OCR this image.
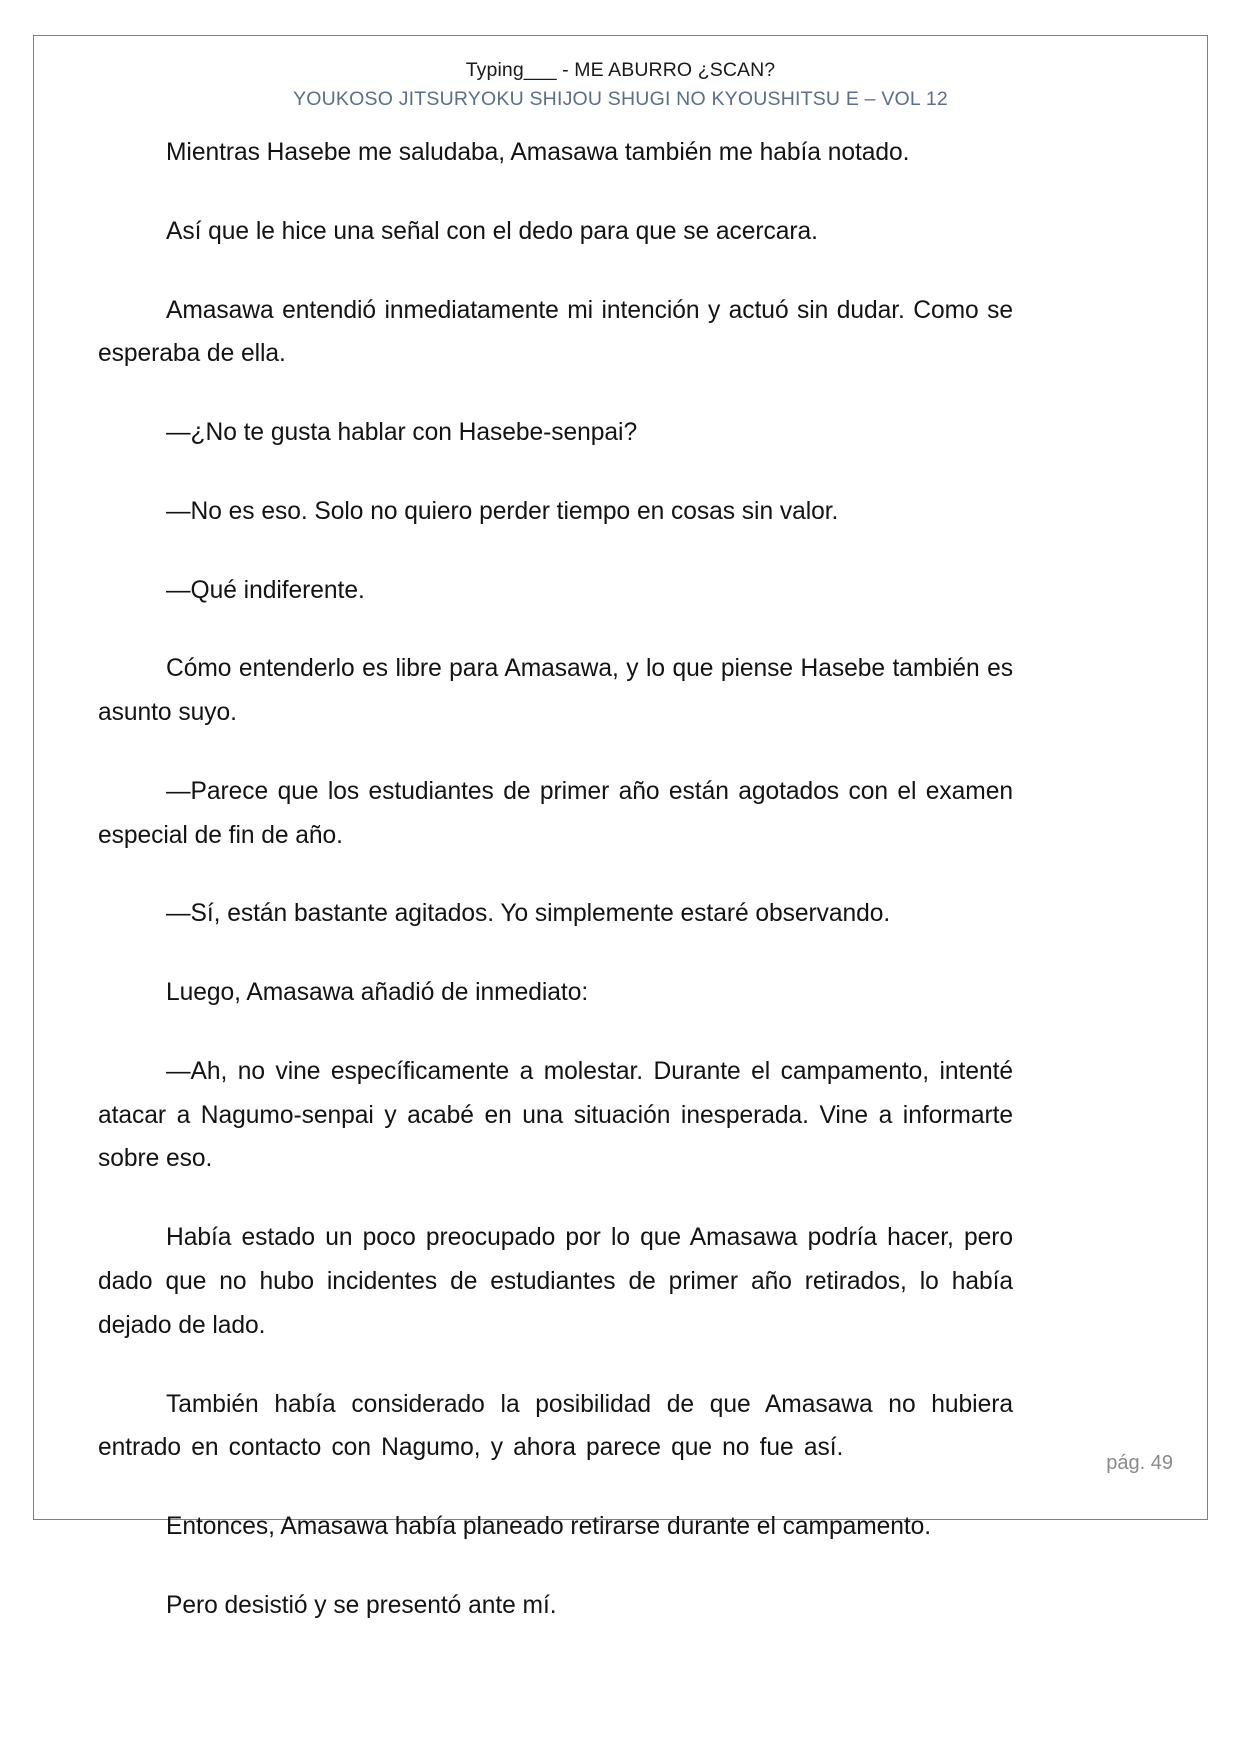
Typing___ - ME ABURRO ¿SCAN?
YOUKOSO JITSURYOKU SHIJOU SHUGI NO KYOUSHITSU E – VOL 12

Mientras Hasebe me saludaba, Amasawa también me había notado.

Así que le hice una señal con el dedo para que se acercara.

Amasawa entendió inmediatamente mi intención y actuó sin dudar. Como se esperaba de ella.

—¿No te gusta hablar con Hasebe-senpai?

—No es eso. Solo no quiero perder tiempo en cosas sin valor.

—Qué indiferente.

Cómo entenderlo es libre para Amasawa, y lo que piense Hasebe también es asunto suyo.

—Parece que los estudiantes de primer año están agotados con el examen especial de fin de año.

—Sí, están bastante agitados. Yo simplemente estaré observando.

Luego, Amasawa añadió de inmediato:

—Ah, no vine específicamente a molestar. Durante el campamento, intenté atacar a Nagumo-senpai y acabé en una situación inesperada. Vine a informarte sobre eso.

Había estado un poco preocupado por lo que Amasawa podría hacer, pero dado que no hubo incidentes de estudiantes de primer año retirados, lo había dejado de lado.

También había considerado la posibilidad de que Amasawa no hubiera entrado en contacto con Nagumo, y ahora parece que no fue así.

Entonces, Amasawa había planeado retirarse durante el campamento.

Pero desistió y se presentó ante mí.

pág. 49
